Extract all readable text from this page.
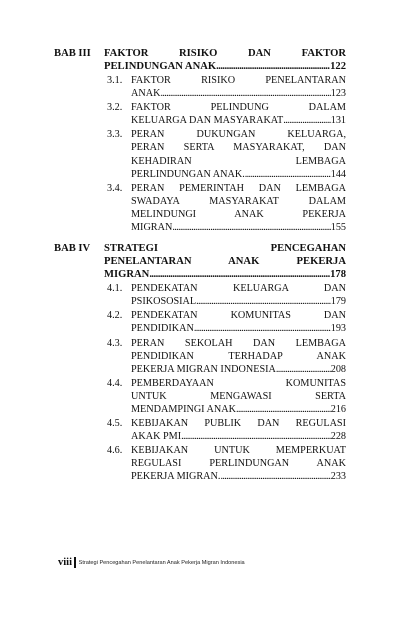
BAB III	FAKTOR RISIKO DAN FAKTOR
PELINDUNGAN ANAK . . .	122
3.1. FAKTOR RISIKO PENELANTARAN
ANAK . . .	123
3.2. FAKTOR PELINDUNG DALAM
KELUARGA DAN MASYARAKAT . . .	131
3.3. PERAN DUKUNGAN KELUARGA,
PERAN SERTA MASYARAKAT, DAN
KEHADIRAN LEMBAGA
PERLINDUNGAN ANAK. . . .	144
3.4. PERAN PEMERINTAH DAN LEMBAGA
SWADAYA MASYARAKAT DALAM
MELINDUNGI ANAK PEKERJA
MIGRAN . . .	155
BAB IV	STRATEGI PENCEGAHAN
PENELANTARAN ANAK PEKERJA
MIGRAN . . .	178
4.1. PENDEKATAN KELUARGA DAN
PSIKOSOSIAL . . .	179
4.2. PENDEKATAN KOMUNITAS DAN
PENDIDIKAN . . .	193
4.3. PERAN SEKOLAH DAN LEMBAGA
PENDIDIKAN TERHADAP ANAK
PEKERJA MIGRAN INDONESIA . . .	208
4.4. PEMBERDAYAAN KOMUNITAS
UNTUK MENGAWASI SERTA
MENDAMPINGI ANAK . . .	216
4.5. KEBIJAKAN PUBLIK DAN REGULASI
AKAK PMI . . .	228
4.6. KEBIJAKAN UNTUK MEMPERKUAT
REGULASI PERLINDUNGAN ANAK
PEKERJA MIGRAN. . . .	233
viii Strategi Pencegahan Penelantaran Anak Pekerja Migran Indonesia
